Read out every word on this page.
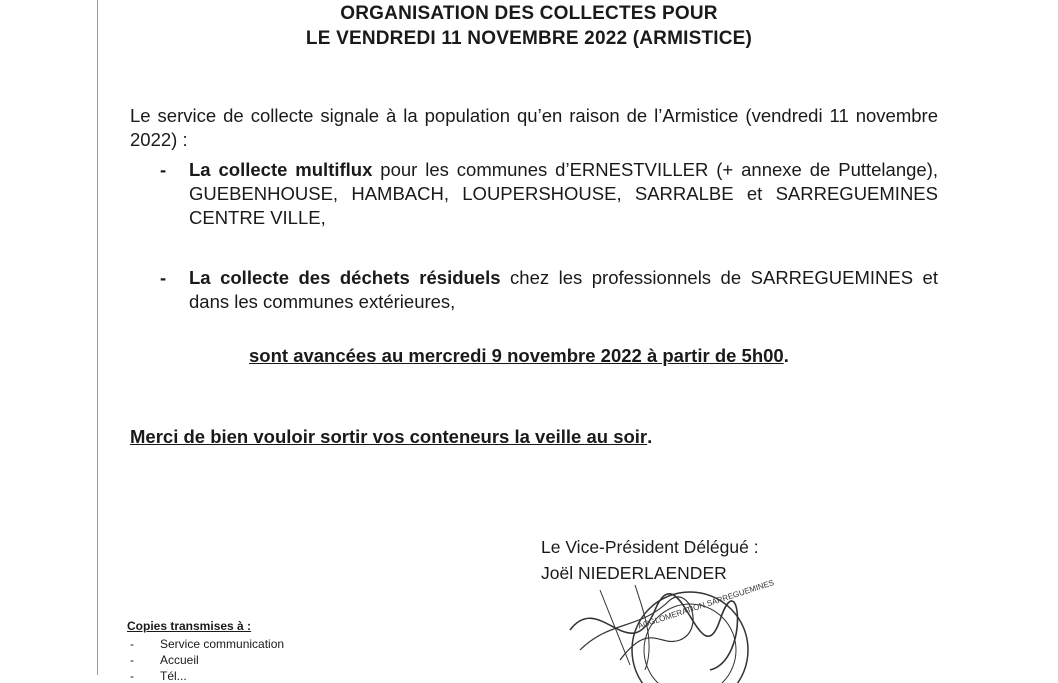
ORGANISATION DES COLLECTES POUR
LE VENDREDI 11 NOVEMBRE 2022 (ARMISTICE)
Le service de collecte signale à la population qu’en raison de l’Armistice (vendredi 11 novembre 2022) :
- La collecte multiflux pour les communes d’ERNESTVILLER (+ annexe de Puttelange), GUEBENHOUSE, HAMBACH, LOUPERSHOUSE, SARRALBE et SARREGUEMINES CENTRE VILLE,
- La collecte des déchets résiduels chez les professionnels de SARREGUEMINES et dans les communes extérieures,
sont avancées au mercredi 9 novembre 2022 à partir de 5h00.
Merci de bien vouloir sortir vos conteneurs la veille au soir.
Le Vice-Président Délégué :
Joël NIEDERLAENDER
AGGLOMERATION SARREGUEMINES
Copies transmises à :
- Service communication
- Accueil
- Tél...
